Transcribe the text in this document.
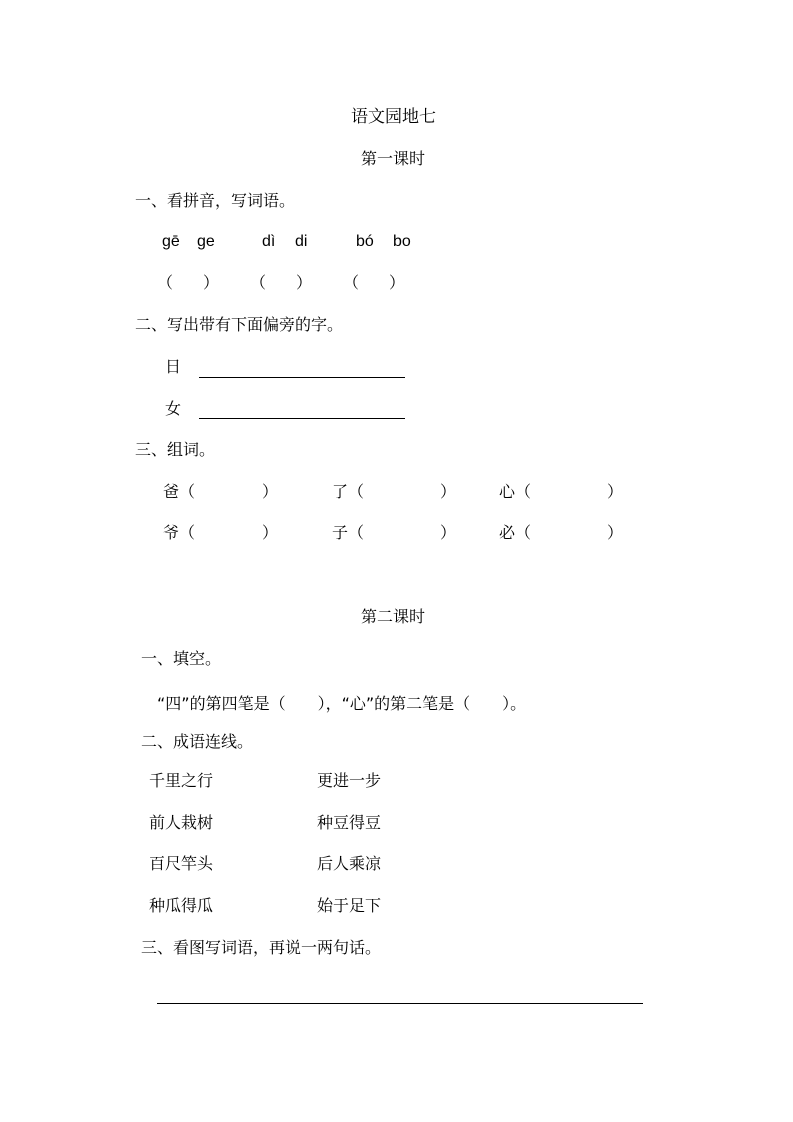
语文园地七
第一课时
一、看拼音，写词语。
gē ge	dì di	bó bo
（ ） （ ） （ ）
二、写出带有下面偏旁的字。
日
女
三、组词。
爸（	）	了（	）	心（	）
爷（	）	子（	）	必（	）
第二课时
一、填空。
“四”的第四笔是（　　），“心”的第二笔是（　　）。
二、成语连线。
千里之行	更进一步
前人栽树	种豆得豆
百尺竿头	后人乘凉
种瓜得瓜	始于足下
三、看图写词语，再说一两句话。
